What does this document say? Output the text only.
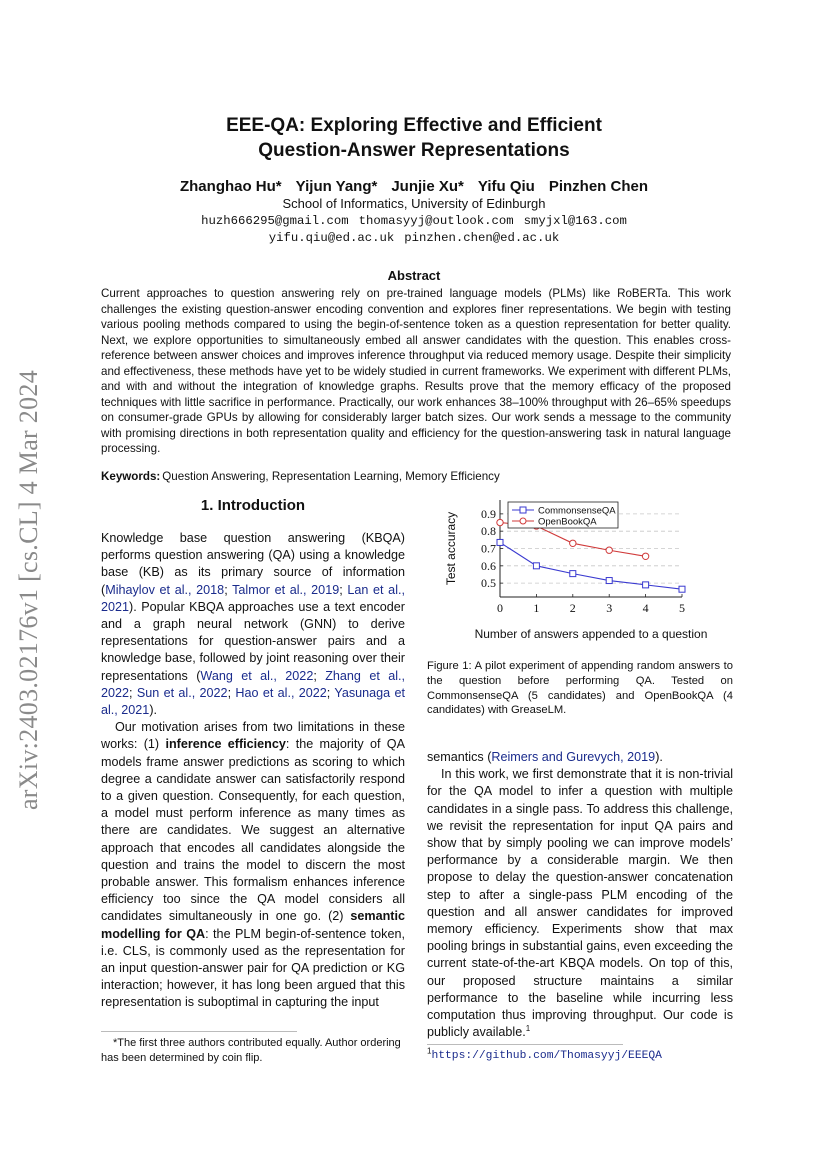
arXiv:2403.02176v1 [cs.CL] 4 Mar 2024
EEE-QA: Exploring Effective and Efficient
Question-Answer Representations
Zhanghao Hu* Yijun Yang* Junjie Xu* Yifu Qiu Pinzhen Chen
School of Informatics, University of Edinburgh
huzh666295@gmail.com thomasyyj@outlook.com smyjxl@163.com
yifu.qiu@ed.ac.uk pinzhen.chen@ed.ac.uk
Abstract
Current approaches to question answering rely on pre-trained language models (PLMs) like RoBERTa. This work challenges the existing question-answer encoding convention and explores finer representations. We begin with testing various pooling methods compared to using the begin-of-sentence token as a question representation for better quality. Next, we explore opportunities to simultaneously embed all answer candidates with the question. This enables cross-reference between answer choices and improves inference throughput via reduced memory usage. Despite their simplicity and effectiveness, these methods have yet to be widely studied in current frameworks. We experiment with different PLMs, and with and without the integration of knowledge graphs. Results prove that the memory efficacy of the proposed techniques with little sacrifice in performance. Practically, our work enhances 38–100% throughput with 26–65% speedups on consumer-grade GPUs by allowing for considerably larger batch sizes. Our work sends a message to the community with promising directions in both representation quality and efficiency for the question-answering task in natural language processing.
Keywords: Question Answering, Representation Learning, Memory Efficiency
1. Introduction

Knowledge base question answering (KBQA) performs question answering (QA) using a knowledge base (KB) as its primary source of information (Mihaylov et al., 2018; Talmor et al., 2019; Lan et al., 2021). Popular KBQA approaches use a text encoder and a graph neural network (GNN) to derive representations for question-answer pairs and a knowledge base, followed by joint reasoning over their representations (Wang et al., 2022; Zhang et al., 2022; Sun et al., 2022; Hao et al., 2022; Yasunaga et al., 2021).

Our motivation arises from two limitations in these works: (1) inference efficiency: the majority of QA models frame answer predictions as scoring to which degree a candidate answer can satisfactorily respond to a given question. Consequently, for each question, a model must perform inference as many times as there are candidates. We suggest an alternative approach that encodes all candidates alongside the question and trains the model to discern the most probable answer. This formalism enhances inference efficiency too since the QA model considers all candidates simultaneously in one go. (2) semantic modelling for QA: the PLM begin-of-sentence token, i.e. CLS, is commonly used as the representation for an input question-answer pair for QA prediction or KG interaction; however, it has long been argued that this representation is suboptimal in capturing the input

*The first three authors contributed equally. Author ordering has been determined by coin flip.
0	1	2	3	4	5
0.5
0.6
0.7
0.8
0.9
Test accuracy
Number of answers appended to a question
CommonsenseQA
OpenBookQA
Figure 1: A pilot experiment of appending random answers to the question before performing QA. Tested on CommonsenseQA (5 candidates) and OpenBookQA (4 candidates) with GreaseLM.

semantics (Reimers and Gurevych, 2019).

In this work, we first demonstrate that it is non-trivial for the QA model to infer a question with multiple candidates in a single pass. To address this challenge, we revisit the representation for input QA pairs and show that by simply pooling we can improve models’ performance by a considerable margin. We then propose to delay the question-answer concatenation step to after a single-pass PLM encoding of the question and all answer candidates for improved memory efficiency. Experiments show that max pooling brings in substantial gains, even exceeding the current state-of-the-art KBQA models. On top of this, our proposed structure maintains a similar performance to the baseline while incurring less computation thus improving throughput. Our code is publicly available.$^1$

$^1$https://github.com/Thomasyyj/EEEQA
